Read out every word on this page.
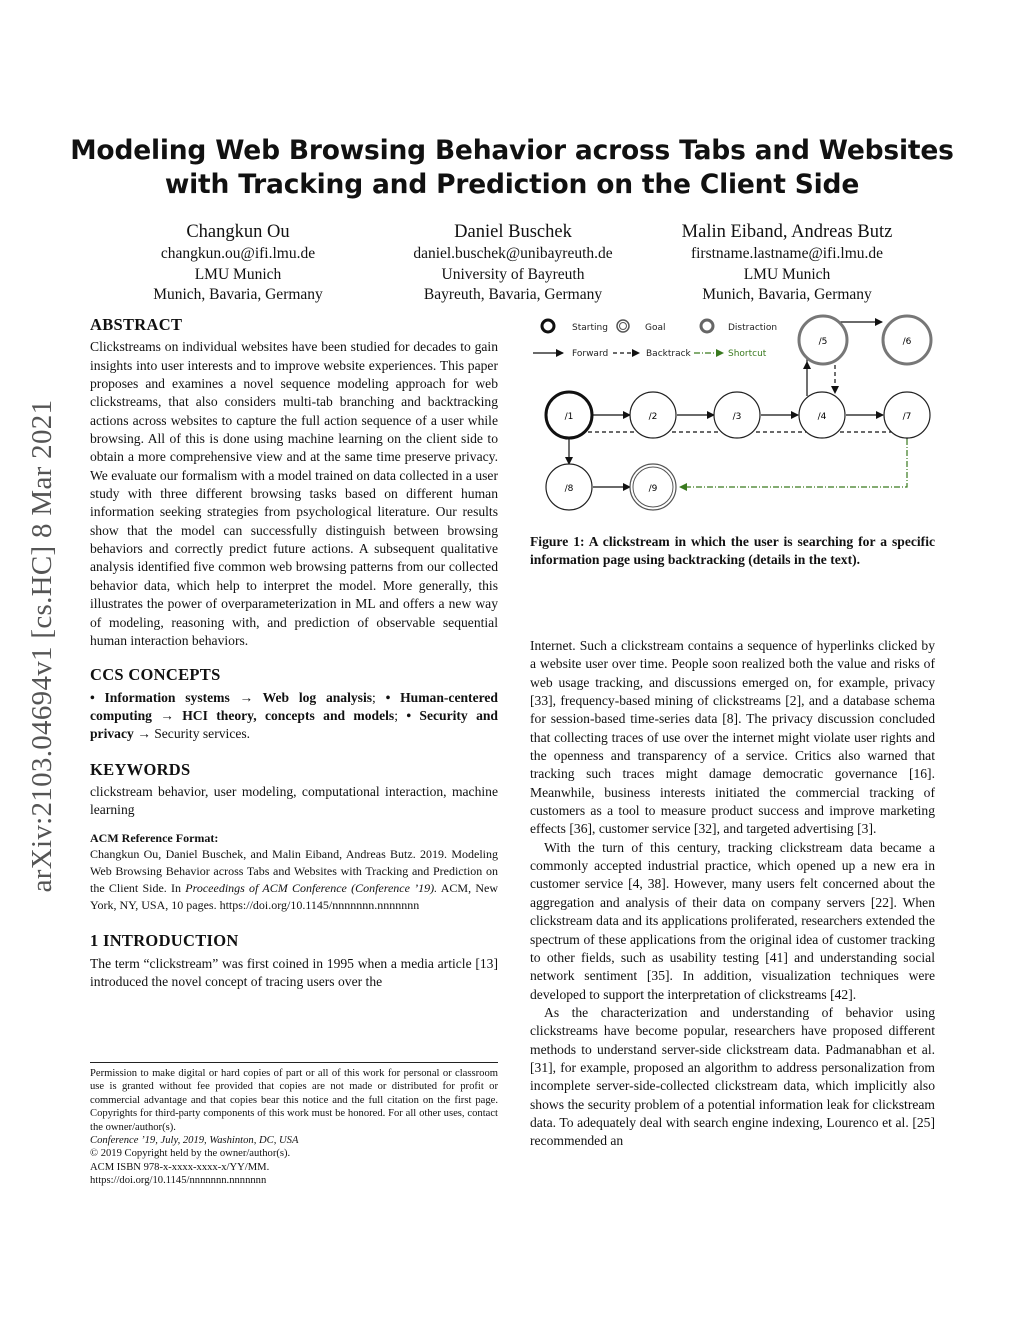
arXiv:2103.04694v1 [cs.HC] 8 Mar 2021
Modeling Web Browsing Behavior across Tabs and Websites
with Tracking and Prediction on the Client Side
Changkun Ou
changkun.ou@ifi.lmu.de
LMU Munich
Munich, Bavaria, Germany
Daniel Buschek
daniel.buschek@unibayreuth.de
University of Bayreuth
Bayreuth, Bavaria, Germany
Malin Eiband, Andreas Butz
firstname.lastname@ifi.lmu.de
LMU Munich
Munich, Bavaria, Germany
ABSTRACT

Clickstreams on individual websites have been studied for decades to gain insights into user interests and to improve website experiences. This paper proposes and examines a novel sequence modeling approach for web clickstreams, that also considers multi-tab branching and backtracking actions across websites to capture the full action sequence of a user while browsing. All of this is done using machine learning on the client side to obtain a more comprehensive view and at the same time preserve privacy. We evaluate our formalism with a model trained on data collected in a user study with three different browsing tasks based on different human information seeking strategies from psychological literature. Our results show that the model can successfully distinguish between browsing behaviors and correctly predict future actions. A subsequent qualitative analysis identified five common web browsing patterns from our collected behavior data, which help to interpret the model. More generally, this illustrates the power of overparameterization in ML and offers a new way of modeling, reasoning with, and prediction of observable sequential human interaction behaviors.

CCS CONCEPTS

• Information systems → Web log analysis; • Human-centered computing → HCI theory, concepts and models; • Security and privacy → Security services.

KEYWORDS

clickstream behavior, user modeling, computational interaction, machine learning

ACM Reference Format:

Changkun Ou, Daniel Buschek, and Malin Eiband, Andreas Butz. 2019. Modeling Web Browsing Behavior across Tabs and Websites with Tracking and Prediction on the Client Side. In Proceedings of ACM Conference (Conference ’19). ACM, New York, NY, USA, 10 pages. https://doi.org/10.1145/nnnnnnn.nnnnnnn

1 INTRODUCTION

The term “clickstream” was first coined in 1995 when a media article [13] introduced the novel concept of tracing users over the

Permission to make digital or hard copies of part or all of this work for personal or classroom use is granted without fee provided that copies are not made or distributed for profit or commercial advantage and that copies bear this notice and the full citation on the first page. Copyrights for third-party components of this work must be honored. For all other uses, contact the owner/author(s).
Conference ’19, July, 2019, Washinton, DC, USA
© 2019 Copyright held by the owner/author(s).
ACM ISBN 978-x-xxxx-xxxx-x/YY/MM.
https://doi.org/10.1145/nnnnnnn.nnnnnnn
Starting	Goal	Distraction
Forward	Backtrack	Shortcut
/1	/2	/3	/4	/7
/5	/6
/8	/9
Figure 1: A clickstream in which the user is searching for a specific information page using backtracking (details in the text).

Internet. Such a clickstream contains a sequence of hyperlinks clicked by a website user over time. People soon realized both the value and risks of web usage tracking, and discussions emerged on, for example, privacy [33], frequency-based mining of clickstreams [2], and a database schema for session-based time-series data [8]. The privacy discussion concluded that collecting traces of use over the internet might violate user rights and the openness and transparency of a service. Critics also warned that tracking such traces might damage democratic governance [16]. Meanwhile, business interests initiated the commercial tracking of customers as a tool to measure product success and improve marketing effects [36], customer service [32], and targeted advertising [3].

With the turn of this century, tracking clickstream data became a commonly accepted industrial practice, which opened up a new era in customer service [4, 38]. However, many users felt concerned about the aggregation and analysis of their data on company servers [22]. When clickstream data and its applications proliferated, researchers extended the spectrum of these applications from the original idea of customer tracking to other fields, such as usability testing [41] and understanding social network sentiment [35]. In addition, visualization techniques were developed to support the interpretation of clickstreams [42].

As the characterization and understanding of behavior using clickstreams have become popular, researchers have proposed different methods to understand server-side clickstream data. Padmanabhan et al. [31], for example, proposed an algorithm to address personalization from incomplete server-side-collected clickstream data, which implicitly also shows the security problem of a potential information leak for clickstream data. To adequately deal with search engine indexing, Lourenco et al. [25] recommended an
